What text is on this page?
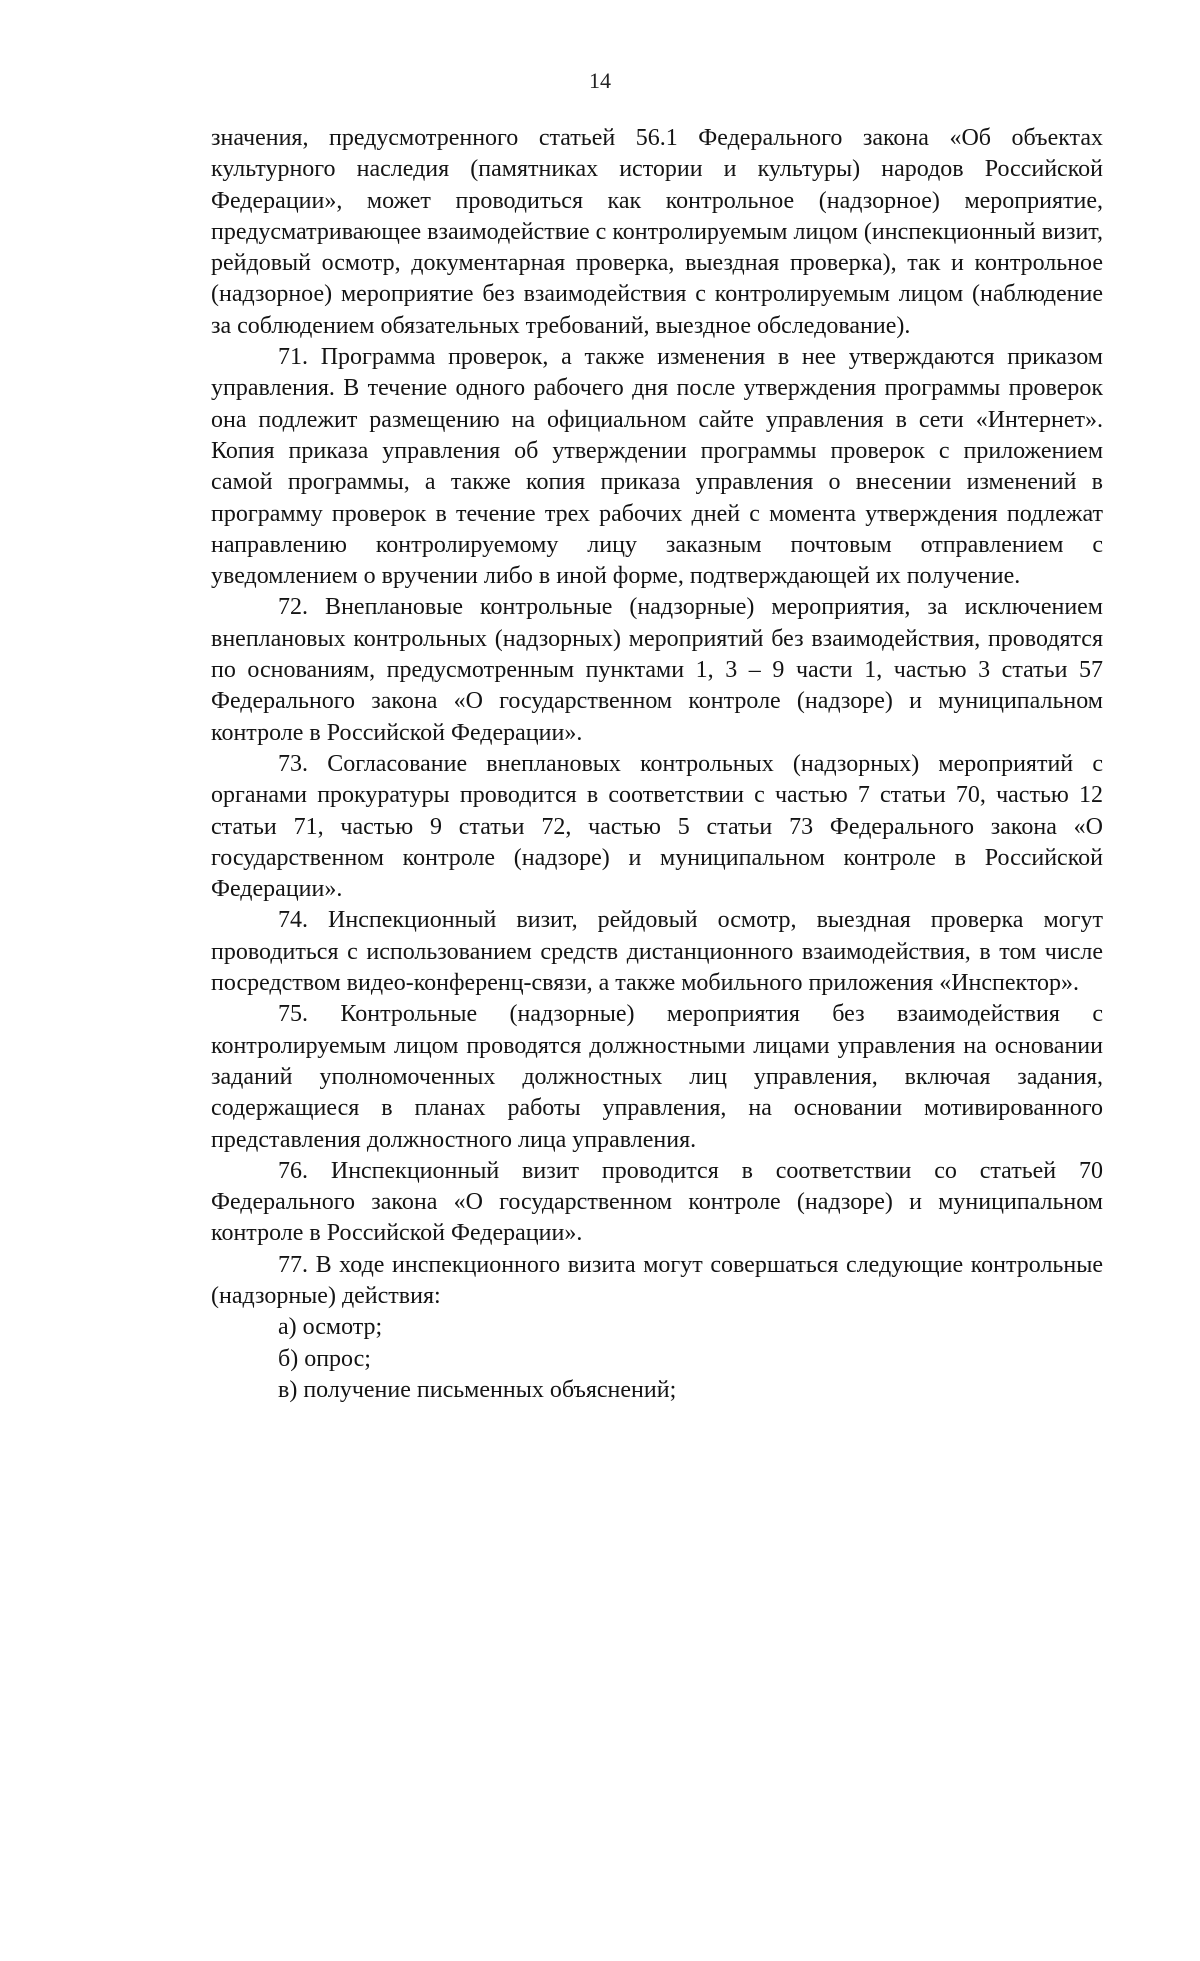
14

значения, предусмотренного статьей 56.1 Федерального закона «Об объектах культурного наследия (памятниках истории и культуры) народов Российской Федерации», может проводиться как контрольное (надзорное) мероприятие, предусматривающее взаимодействие с контролируемым лицом (инспекционный визит, рейдовый осмотр, документарная проверка, выездная проверка), так и контрольное (надзорное) мероприятие без взаимодействия с контролируемым лицом (наблюдение за соблюдением обязательных требований, выездное обследование).

71. Программа проверок, а также изменения в нее утверждаются приказом управления. В течение одного рабочего дня после утверждения программы проверок она подлежит размещению на официальном сайте управления в сети «Интернет». Копия приказа управления об утверждении программы проверок с приложением самой программы, а также копия приказа управления о внесении изменений в программу проверок в течение трех рабочих дней с момента утверждения подлежат направлению контролируемому лицу заказным почтовым отправлением с уведомлением о вручении либо в иной форме, подтверждающей их получение.

72. Внеплановые контрольные (надзорные) мероприятия, за исключением внеплановых контрольных (надзорных) мероприятий без взаимодействия, проводятся по основаниям, предусмотренным пунктами 1, 3 – 9 части 1, частью 3 статьи 57 Федерального закона «О государственном контроле (надзоре) и муниципальном контроле в Российской Федерации».

73. Согласование внеплановых контрольных (надзорных) мероприятий с органами прокуратуры проводится в соответствии с частью 7 статьи 70, частью 12 статьи 71, частью 9 статьи 72, частью 5 статьи 73 Федерального закона «О государственном контроле (надзоре) и муниципальном контроле в Российской Федерации».

74. Инспекционный визит, рейдовый осмотр, выездная проверка могут проводиться с использованием средств дистанционного взаимодействия, в том числе посредством видео-конференц-связи, а также мобильного приложения «Инспектор».

75. Контрольные (надзорные) мероприятия без взаимодействия с контролируемым лицом проводятся должностными лицами управления на основании заданий уполномоченных должностных лиц управления, включая задания, содержащиеся в планах работы управления, на основании мотивированного представления должностного лица управления.

76. Инспекционный визит проводится в соответствии со статьей 70 Федерального закона «О государственном контроле (надзоре) и муниципальном контроле в Российской Федерации».

77. В ходе инспекционного визита могут совершаться следующие контрольные (надзорные) действия:

а) осмотр;

б) опрос;

в) получение письменных объяснений;
